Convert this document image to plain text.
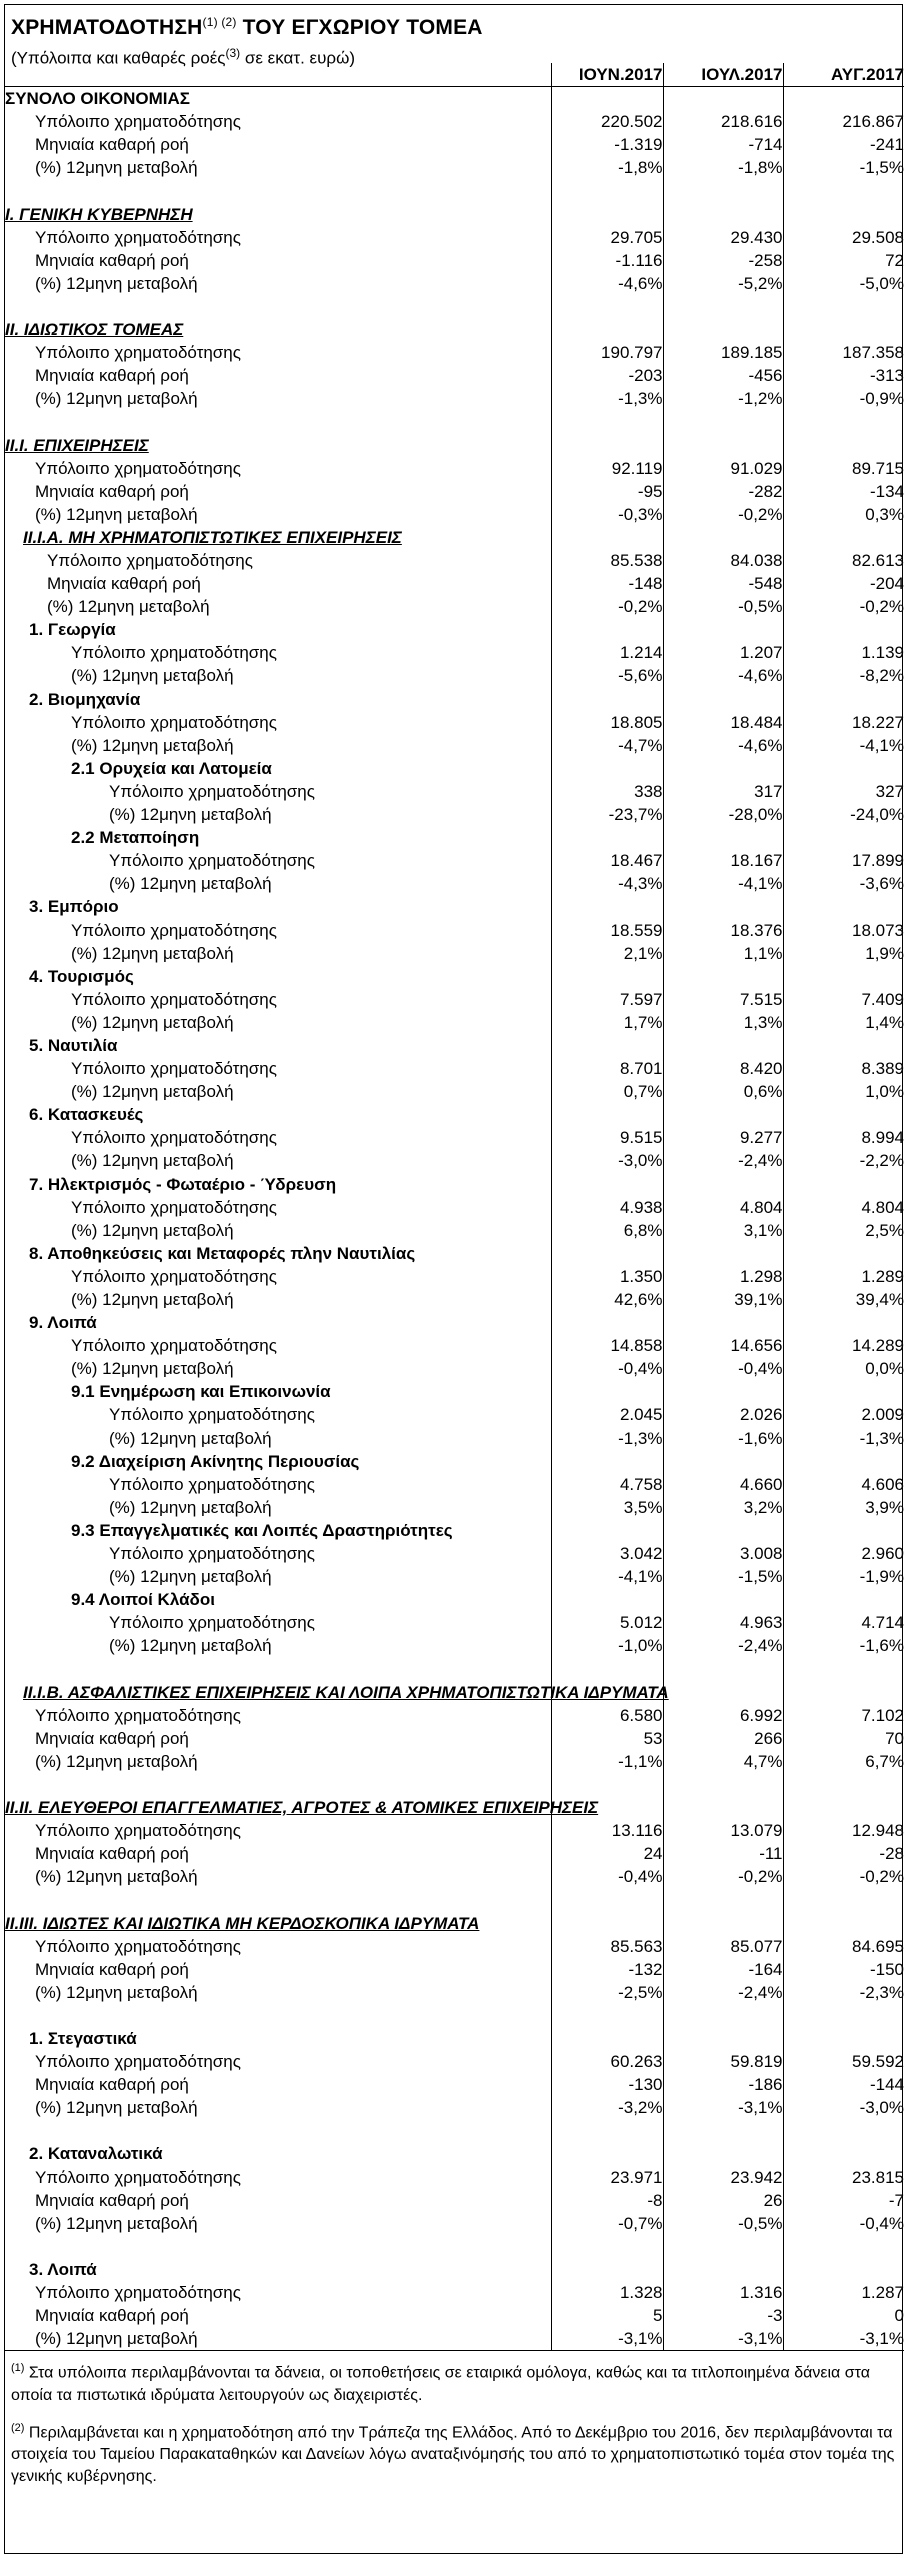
$XPHMATO\Delta OTH\Sigma H^{(1) (2)}$ ΤΟΥ ΕΓΧΩΡΙΟΥ ΤΟΜΕΑ
(Υπόλοιπα και καθαρές ροές$^{(3)}$ σε εκατ. ευρώ)
	ΙΟΥΝ.2017	ΙΟΥΛ.2017	ΑΥΓ.2017
ΣΥΝΟΛΟ ΟΙΚΟΝΟΜΙΑΣ			
Υπόλοιπο χρηματοδότησης	220.502	218.616	216.867
Μηνιαία καθαρή ροή	-1.319	-714	-241
(%) 12μηνη μεταβολή	-1,8%	-1,8%	-1,5%

Ι. ΓΕΝΙΚΗ ΚΥΒΕΡΝΗΣΗ			
Υπόλοιπο χρηματοδότησης	29.705	29.430	29.508
Μηνιαία καθαρή ροή	-1.116	-258	72
(%) 12μηνη μεταβολή	-4,6%	-5,2%	-5,0%

ΙΙ. ΙΔΙΩΤΙΚΟΣ ΤΟΜΕΑΣ			
Υπόλοιπο χρηματοδότησης	190.797	189.185	187.358
Μηνιαία καθαρή ροή	-203	-456	-313
(%) 12μηνη μεταβολή	-1,3%	-1,2%	-0,9%

ΙΙ.Ι. ΕΠΙΧΕΙΡΗΣΕΙΣ			
Υπόλοιπο χρηματοδότησης	92.119	91.029	89.715
Μηνιαία καθαρή ροή	-95	-282	-134
(%) 12μηνη μεταβολή	-0,3%	-0,2%	0,3%
ΙΙ.Ι.Α. ΜΗ ΧΡΗΜΑΤΟΠΙΣΤΩΤΙΚΕΣ ΕΠΙΧΕΙΡΗΣΕΙΣ			
Υπόλοιπο χρηματοδότησης	85.538	84.038	82.613
Μηνιαία καθαρή ροή	-148	-548	-204
(%) 12μηνη μεταβολή	-0,2%	-0,5%	-0,2%
1. Γεωργία			
Υπόλοιπο χρηματοδότησης	1.214	1.207	1.139
(%) 12μηνη μεταβολή	-5,6%	-4,6%	-8,2%
2. Βιομηχανία			
Υπόλοιπο χρηματοδότησης	18.805	18.484	18.227
(%) 12μηνη μεταβολή	-4,7%	-4,6%	-4,1%
2.1 Ορυχεία και Λατομεία			
Υπόλοιπο χρηματοδότησης	338	317	327
(%) 12μηνη μεταβολή	-23,7%	-28,0%	-24,0%
2.2 Μεταποίηση			
Υπόλοιπο χρηματοδότησης	18.467	18.167	17.899
(%) 12μηνη μεταβολή	-4,3%	-4,1%	-3,6%
3. Εμπόριο			
Υπόλοιπο χρηματοδότησης	18.559	18.376	18.073
(%) 12μηνη μεταβολή	2,1%	1,1%	1,9%
4. Τουρισμός			
Υπόλοιπο χρηματοδότησης	7.597	7.515	7.409
(%) 12μηνη μεταβολή	1,7%	1,3%	1,4%
5. Ναυτιλία			
Υπόλοιπο χρηματοδότησης	8.701	8.420	8.389
(%) 12μηνη μεταβολή	0,7%	0,6%	1,0%
6. Κατασκευές			
Υπόλοιπο χρηματοδότησης	9.515	9.277	8.994
(%) 12μηνη μεταβολή	-3,0%	-2,4%	-2,2%
7. Ηλεκτρισμός - Φωταέριο - Ύδρευση			
Υπόλοιπο χρηματοδότησης	4.938	4.804	4.804
(%) 12μηνη μεταβολή	6,8%	3,1%	2,5%
8. Αποθηκεύσεις και Μεταφορές πλην Ναυτιλίας			
Υπόλοιπο χρηματοδότησης	1.350	1.298	1.289
(%) 12μηνη μεταβολή	42,6%	39,1%	39,4%
9. Λοιπά			
Υπόλοιπο χρηματοδότησης	14.858	14.656	14.289
(%) 12μηνη μεταβολή	-0,4%	-0,4%	0,0%
9.1 Ενημέρωση και Επικοινωνία			
Υπόλοιπο χρηματοδότησης	2.045	2.026	2.009
(%) 12μηνη μεταβολή	-1,3%	-1,6%	-1,3%
9.2 Διαχείριση Ακίνητης Περιουσίας			
Υπόλοιπο χρηματοδότησης	4.758	4.660	4.606
(%) 12μηνη μεταβολή	3,5%	3,2%	3,9%
9.3 Επαγγελματικές και Λοιπές Δραστηριότητες			
Υπόλοιπο χρηματοδότησης	3.042	3.008	2.960
(%) 12μηνη μεταβολή	-4,1%	-1,5%	-1,9%
9.4 Λοιποί Κλάδοι			
Υπόλοιπο χρηματοδότησης	5.012	4.963	4.714
(%) 12μηνη μεταβολή	-1,0%	-2,4%	-1,6%

ΙΙ.Ι.Β. ΑΣΦΑΛΙΣΤΙΚΕΣ ΕΠΙΧΕΙΡΗΣΕΙΣ ΚΑΙ ΛΟΙΠΑ ΧΡΗΜΑΤΟΠΙΣΤΩΤΙΚΑ ΙΔΡΥΜΑΤΑ			
Υπόλοιπο χρηματοδότησης	6.580	6.992	7.102
Μηνιαία καθαρή ροή	53	266	70
(%) 12μηνη μεταβολή	-1,1%	4,7%	6,7%

ΙΙ.ΙΙ. ΕΛΕΥΘΕΡΟΙ ΕΠΑΓΓΕΛΜΑΤΙΕΣ, ΑΓΡΟΤΕΣ & ΑΤΟΜΙΚΕΣ ΕΠΙΧΕΙΡΗΣΕΙΣ			
Υπόλοιπο χρηματοδότησης	13.116	13.079	12.948
Μηνιαία καθαρή ροή	24	-11	-28
(%) 12μηνη μεταβολή	-0,4%	-0,2%	-0,2%

ΙΙ.ΙΙΙ. ΙΔΙΩΤΕΣ ΚΑΙ ΙΔΙΩΤΙΚΑ ΜΗ ΚΕΡΔΟΣΚΟΠΙΚΑ ΙΔΡΥΜΑΤΑ			
Υπόλοιπο χρηματοδότησης	85.563	85.077	84.695
Μηνιαία καθαρή ροή	-132	-164	-150
(%) 12μηνη μεταβολή	-2,5%	-2,4%	-2,3%

1. Στεγαστικά			
Υπόλοιπο χρηματοδότησης	60.263	59.819	59.592
Μηνιαία καθαρή ροή	-130	-186	-144
(%) 12μηνη μεταβολή	-3,2%	-3,1%	-3,0%

2. Καταναλωτικά			
Υπόλοιπο χρηματοδότησης	23.971	23.942	23.815
Μηνιαία καθαρή ροή	-8	26	-7
(%) 12μηνη μεταβολή	-0,7%	-0,5%	-0,4%

3. Λοιπά			
Υπόλοιπο χρηματοδότησης	1.328	1.316	1.287
Μηνιαία καθαρή ροή	5	-3	0
(%) 12μηνη μεταβολή	-3,1%	-3,1%	-3,1%
$^{(1)}$ Στα υπόλοιπα περιλαμβάνονται τα δάνεια, οι τοποθετήσεις σε εταιρικά ομόλογα, καθώς και τα τιτλοποιημένα δάνεια στα οποία τα πιστωτικά ιδρύματα λειτουργούν ως διαχειριστές.
$^{(2)}$ Περιλαμβάνεται και η χρηματοδότηση από την Τράπεζα της Ελλάδος. Από το Δεκέμβριο του 2016, δεν περιλαμβάνονται τα στοιχεία του Ταμείου Παρακαταθηκών και Δανείων λόγω αναταξινόμησής του από το χρηματοπιστωτικό τομέα στον τομέα της γενικής κυβέρνησης.
